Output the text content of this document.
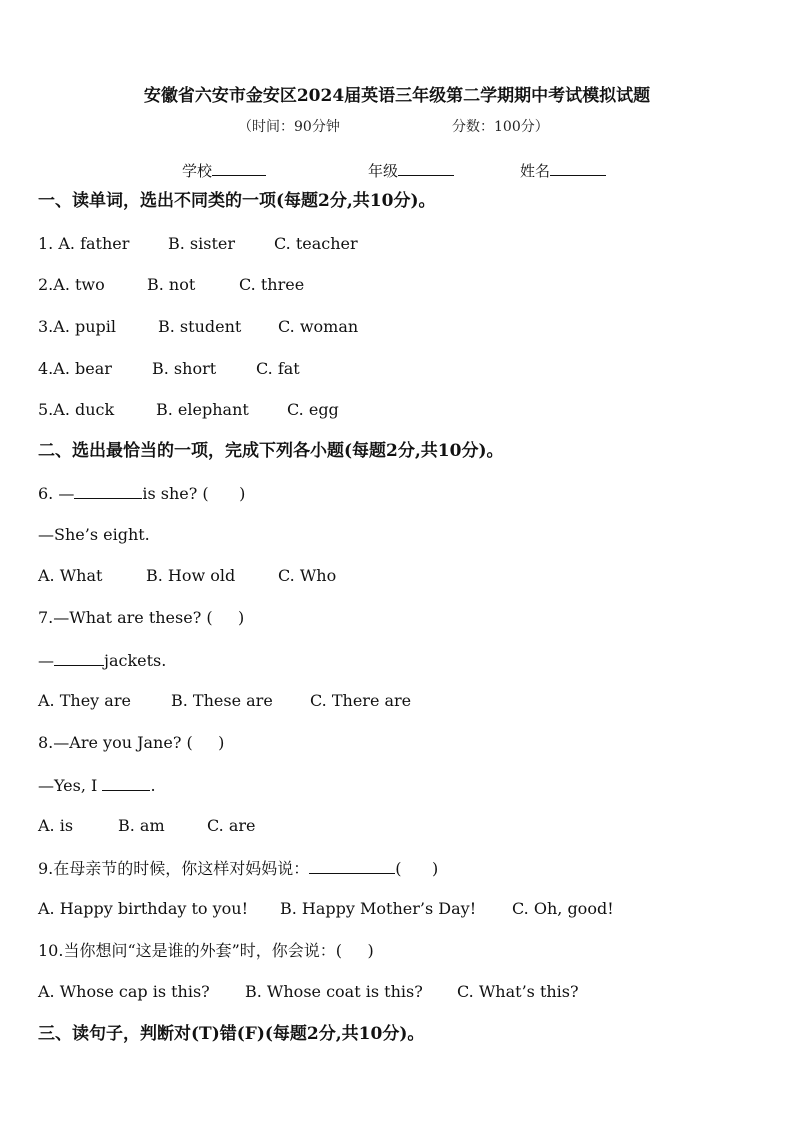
安徽省六安市金安区2024届英语三年级第二学期期中考试模拟试题
（时间：90分钟	分数：100分）
学校	年级	姓名
一、读单词，选出不同类的一项(每题2分,共10分)。
1. A. father B. sister C. teacher
2.A. two	B. not	C. three
3.A. pupil	B. student C. woman
4.A. bear	B. short C. fat
5.A. duck	B. elephant C. egg
二、选出最恰当的一项，完成下列各小题(每题2分,共10分)。
6. —	is she? (      )
—She’s eight.
A. What	B. How old	C. Who
7.—What are these? (     )
—	jackets.
A. They are	B. These are C. There are
8.—Are you Jane? (     )
—Yes, I	.
A. is	B. am	C. are
9.在母亲节的时候，你这样对妈妈说：	(      )
A. Happy birthday to you! B. Happy Mother’s Day! C. Oh, good!
10.当你想问“这是谁的外套”时，你会说：(     )
A. Whose cap is this? B. Whose coat is this? C. What’s this?
三、读句子，判断对(T)错(F)(每题2分,共10分)。
